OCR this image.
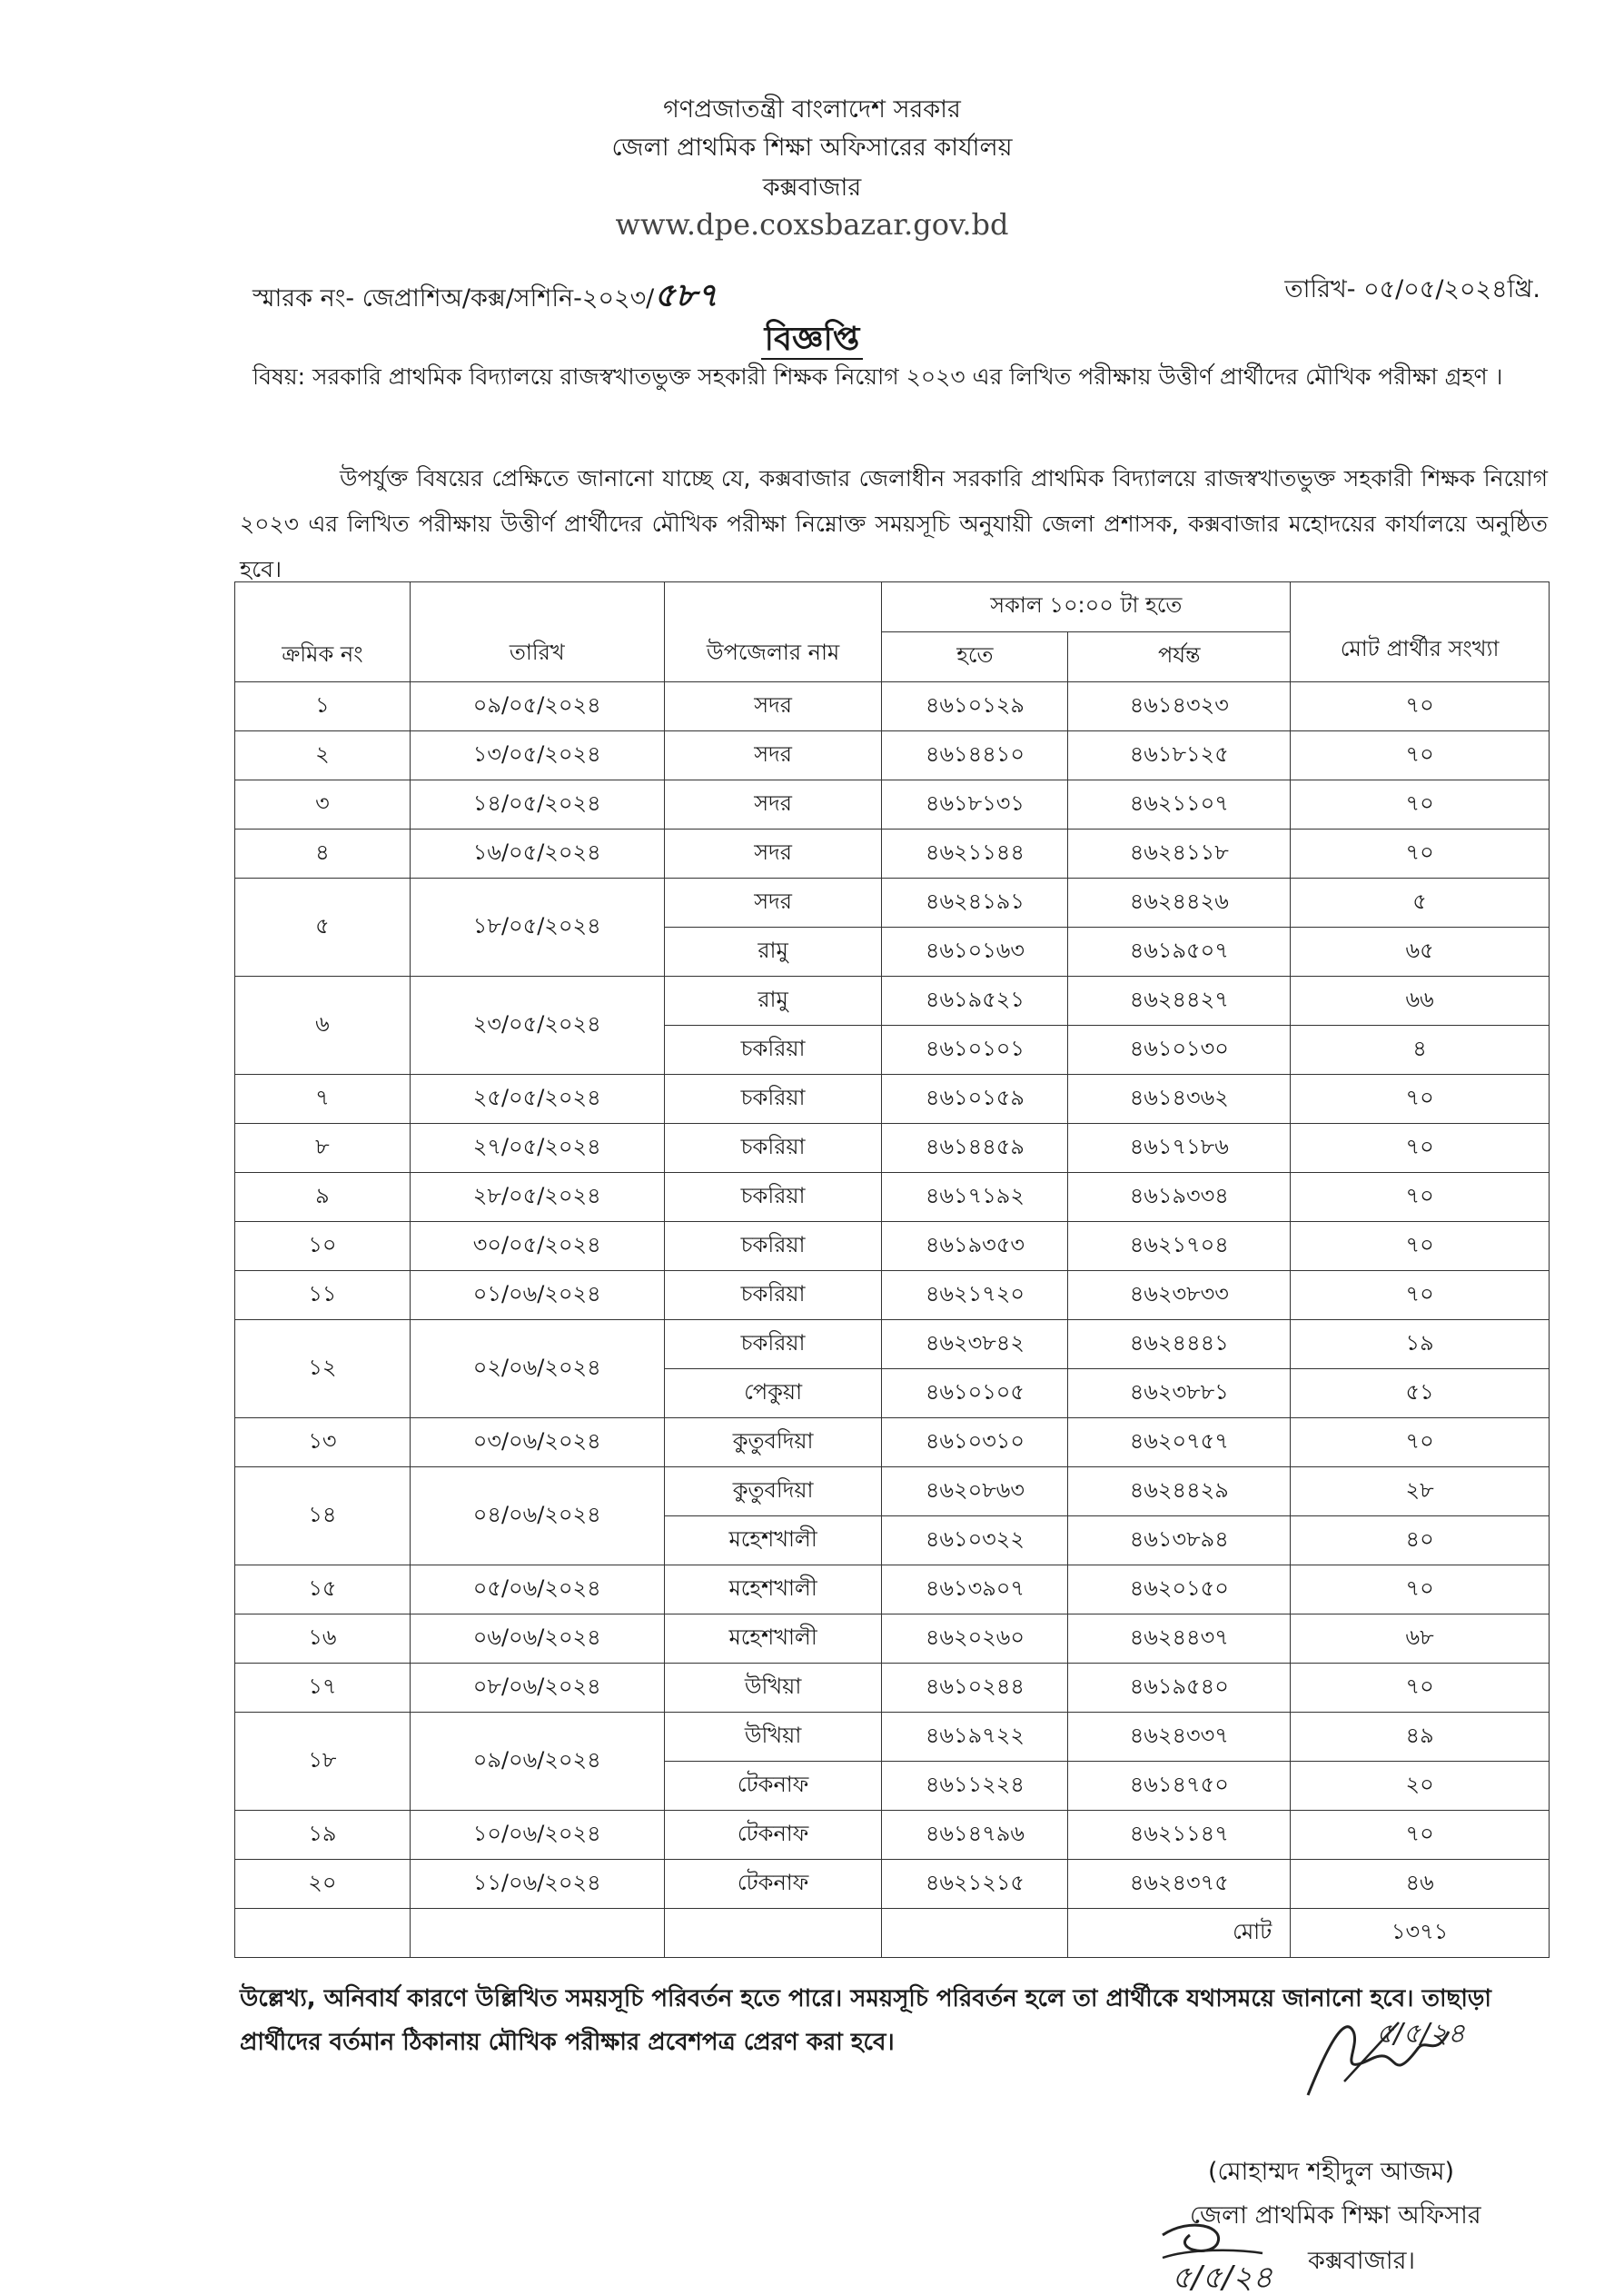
গণপ্রজাতন্ত্রী বাংলাদেশ সরকার
জেলা প্রাথমিক শিক্ষা অফিসারের কার্যালয়
কক্সবাজার
www.dpe.coxsbazar.gov.bd
স্মারক নং- জেপ্রাশিঅ/কক্স/সশিনি-২০২৩/৫৮৭	তারিখ- ০৫/০৫/২০২৪খ্রি.
বিজ্ঞপ্তি
বিষয়: সরকারি প্রাথমিক বিদ্যালয়ে রাজস্বখাতভুক্ত সহকারী শিক্ষক নিয়োগ ২০২৩ এর লিখিত পরীক্ষায় উত্তীর্ণ প্রার্থীদের মৌখিক পরীক্ষা গ্রহণ ।
উপর্যুক্ত বিষয়ের প্রেক্ষিতে জানানো যাচ্ছে যে, কক্সবাজার জেলাধীন সরকারি প্রাথমিক বিদ্যালয়ে রাজস্বখাতভুক্ত সহকারী শিক্ষক নিয়োগ ২০২৩ এর লিখিত পরীক্ষায় উত্তীর্ণ প্রার্থীদের মৌখিক পরীক্ষা নিম্নোক্ত সময়সূচি অনুযায়ী জেলা প্রশাসক, কক্সবাজার মহোদয়ের কার্যালয়ে অনুষ্ঠিত হবে।
ক্রমিক নং	তারিখ	উপজেলার নাম	সকাল ১০:০০ টা হতে		মোট প্রার্থীর সংখ্যা
			হতে	পর্যন্ত	
১	০৯/০৫/২০২৪	সদর	৪৬১০১২৯	৪৬১৪৩২৩	৭০
২	১৩/০৫/২০২৪	সদর	৪৬১৪৪১০	৪৬১৮১২৫	৭০
৩	১৪/০৫/২০২৪	সদর	৪৬১৮১৩১	৪৬২১১০৭	৭০
৪	১৬/০৫/২০২৪	সদর	৪৬২১১৪৪	৪৬২৪১১৮	৭০
৫	১৮/০৫/২০২৪	সদর	৪৬২৪১৯১	৪৬২৪৪২৬	৫
		রামু	৪৬১০১৬৩	৪৬১৯৫০৭	৬৫
৬	২৩/০৫/২০২৪	রামু	৪৬১৯৫২১	৪৬২৪৪২৭	৬৬
		চকরিয়া	৪৬১০১০১	৪৬১০১৩০	৪
৭	২৫/০৫/২০২৪	চকরিয়া	৪৬১০১৫৯	৪৬১৪৩৬২	৭০
৮	২৭/০৫/২০২৪	চকরিয়া	৪৬১৪৪৫৯	৪৬১৭১৮৬	৭০
৯	২৮/০৫/২০২৪	চকরিয়া	৪৬১৭১৯২	৪৬১৯৩৩৪	৭০
১০	৩০/০৫/২০২৪	চকরিয়া	৪৬১৯৩৫৩	৪৬২১৭০৪	৭০
১১	০১/০৬/২০২৪	চকরিয়া	৪৬২১৭২০	৪৬২৩৮৩৩	৭০
১২	০২/০৬/২০২৪	চকরিয়া	৪৬২৩৮৪২	৪৬২৪৪৪১	১৯
		পেকুয়া	৪৬১০১০৫	৪৬২৩৮৮১	৫১
১৩	০৩/০৬/২০২৪	কুতুবদিয়া	৪৬১০৩১০	৪৬২০৭৫৭	৭০
১৪	০৪/০৬/২০২৪	কুতুবদিয়া	৪৬২০৮৬৩	৪৬২৪৪২৯	২৮
		মহেশখালী	৪৬১০৩২২	৪৬১৩৮৯৪	৪০
১৫	০৫/০৬/২০২৪	মহেশখালী	৪৬১৩৯০৭	৪৬২০১৫০	৭০
১৬	০৬/০৬/২০২৪	মহেশখালী	৪৬২০২৬০	৪৬২৪৪৩৭	৬৮
১৭	০৮/০৬/২০২৪	উখিয়া	৪৬১০২৪৪	৪৬১৯৫৪০	৭০
১৮	০৯/০৬/২০২৪	উখিয়া	৪৬১৯৭২২	৪৬২৪৩৩৭	৪৯
		টেকনাফ	৪৬১১২২৪	৪৬১৪৭৫০	২০
১৯	১০/০৬/২০২৪	টেকনাফ	৪৬১৪৭৯৬	৪৬২১১৪৭	৭০
২০	১১/০৬/২০২৪	টেকনাফ	৪৬২১২১৫	৪৬২৪৩৭৫	৪৬
				মোট	১৩৭১
উল্লেখ্য, অনিবার্য কারণে উল্লিখিত সময়সূচি পরিবর্তন হতে পারে। সময়সূচি পরিবর্তন হলে তা প্রার্থীকে যথাসময়ে জানানো হবে। তাছাড়া প্রার্থীদের বর্তমান ঠিকানায় মৌখিক পরীক্ষার প্রবেশপত্র প্রেরণ করা হবে।	৫/৫/২৪
(মোহাম্মদ শহীদুল আজম)
জেলা প্রাথমিক শিক্ষা অফিসার
কক্সবাজার।
৫/৫/২৪
